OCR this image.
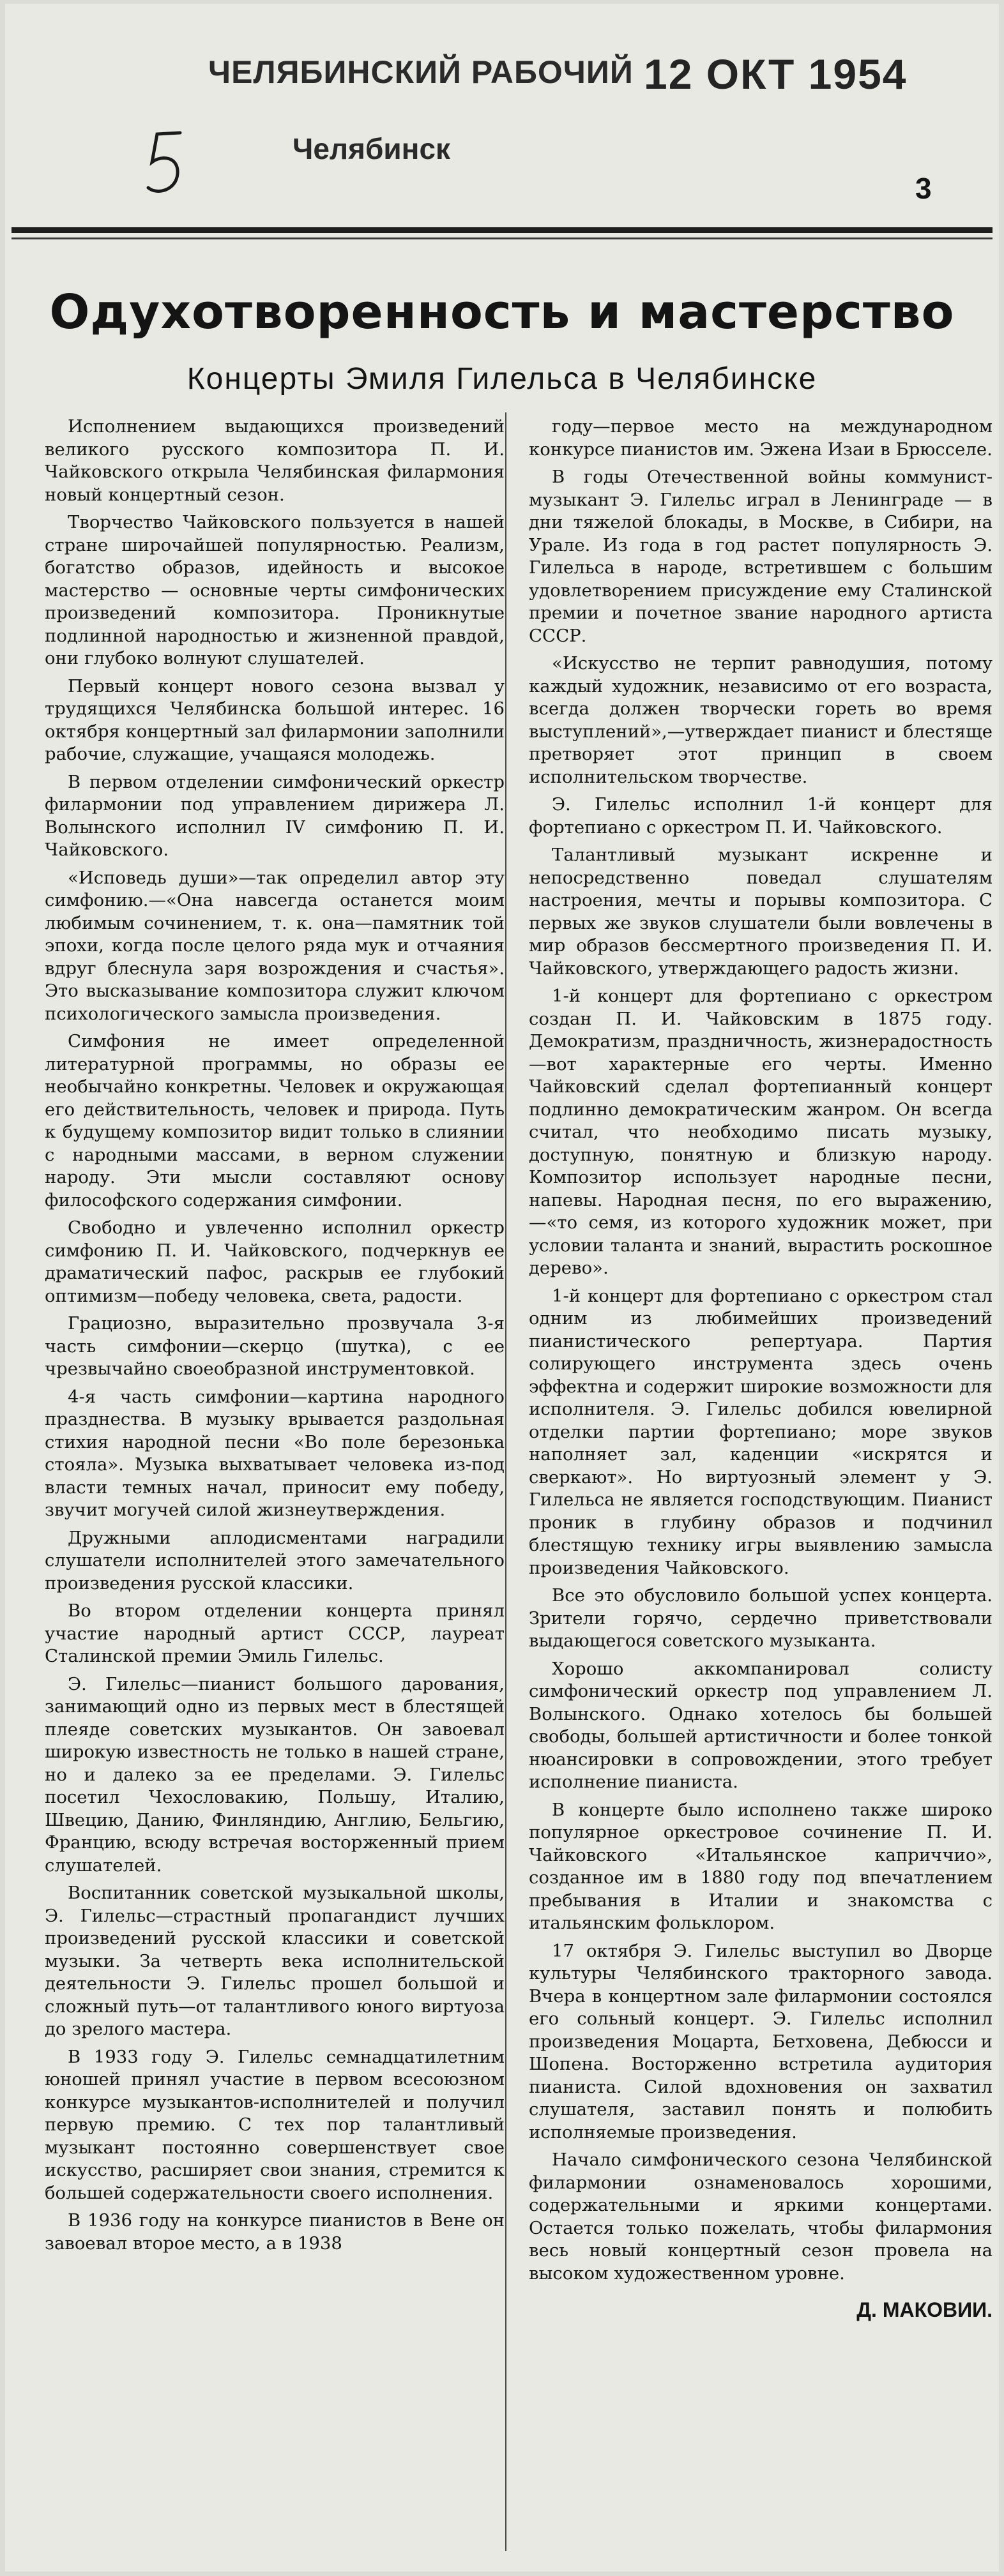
ЧЕЛЯБИНСКИЙ РАБОЧИЙ 12 ОКТ 1954
Челябинск
3
Одухотворенность и мастерство
Концерты Эмиля Гилельса в Челябинске

Исполнением выдающихся произведений великого русского композитора П. И. Чайковского открыла Челябинская филармония новый концертный сезон.

Творчество Чайковского пользуется в нашей стране широчайшей популярностью. Реализм, богатство образов, идейность и высокое мастерство — основные черты симфонических произведений композитора. Проникнутые подлинной народностью и жизненной правдой, они глубоко волнуют слушателей.

Первый концерт нового сезона вызвал у трудящихся Челябинска большой интерес. 16 октября концертный зал филармонии заполнили рабочие, служащие, учащаяся молодежь.

В первом отделении симфонический оркестр филармонии под управлением дирижера Л. Волынского исполнил IV симфонию П. И. Чайковского.

«Исповедь души»—так определил автор эту симфонию.—«Она навсегда останется моим любимым сочинением, т. к. она—памятник той эпохи, когда после целого ряда мук и отчаяния вдруг блеснула заря возрождения и счастья». Это высказывание композитора служит ключом психологического замысла произведения.

Симфония не имеет определенной литературной программы, но образы ее необычайно конкретны. Человек и окружающая его действительность, человек и природа. Путь к будущему композитор видит только в слиянии с народными массами, в верном служении народу. Эти мысли составляют основу философского содержания симфонии.

Свободно и увлеченно исполнил оркестр симфонию П. И. Чайковского, подчеркнув ее драматический пафос, раскрыв ее глубокий оптимизм—победу человека, света, радости.

Грациозно, выразительно прозвучала 3-я часть симфонии—скерцо (шутка), с ее чрезвычайно своеобразной инструментовкой.

4-я часть симфонии—картина народного празднества. В музыку врывается раздольная стихия народной песни «Во поле березонька стояла». Музыка выхватывает человека из-под власти темных начал, приносит ему победу, звучит могучей силой жизнеутверждения.

Дружными аплодисментами наградили слушатели исполнителей этого замечательного произведения русской классики.

Во втором отделении концерта принял участие народный артист СССР, лауреат Сталинской премии Эмиль Гилельс.

Э. Гилельс—пианист большого дарования, занимающий одно из первых мест в блестящей плеяде советских музыкантов. Он завоевал широкую известность не только в нашей стране, но и далеко за ее пределами. Э. Гилельс посетил Чехословакию, Польшу, Италию, Швецию, Данию, Финляндию, Англию, Бельгию, Францию, всюду встречая восторженный прием слушателей.

Воспитанник советской музыкальной школы, Э. Гилельс—страстный пропагандист лучших произведений русской классики и советской музыки. За четверть века исполнительской деятельности Э. Гилельс прошел большой и сложный путь—от талантливого юного виртуоза до зрелого мастера.

В 1933 году Э. Гилельс семнадцатилетним юношей принял участие в первом всесоюзном конкурсе музыкантов-исполнителей и получил первую премию. С тех пор талантливый музыкант постоянно совершенствует свое искусство, расширяет свои знания, стремится к большей содержательности своего исполнения.

В 1936 году на конкурсе пианистов в Вене он завоевал второе место, а в 1938

году—первое место на международном конкурсе пианистов им. Эжена Изаи в Брюсселе.

В годы Отечественной войны коммунист-музыкант Э. Гилельс играл в Ленинграде — в дни тяжелой блокады, в Москве, в Сибири, на Урале. Из года в год растет популярность Э. Гилельса в народе, встретившем с большим удовлетворением присуждение ему Сталинской премии и почетное звание народного артиста СССР.

«Искусство не терпит равнодушия, потому каждый художник, независимо от его возраста, всегда должен творчески гореть во время выступлений»,—утверждает пианист и блестяще претворяет этот принцип в своем исполнительском творчестве.

Э. Гилельс исполнил 1-й концерт для фортепиано с оркестром П. И. Чайковского.

Талантливый музыкант искренне и непосредственно поведал слушателям настроения, мечты и порывы композитора. С первых же звуков слушатели были вовлечены в мир образов бессмертного произведения П. И. Чайковского, утверждающего радость жизни.

1-й концерт для фортепиано с оркестром создан П. И. Чайковским в 1875 году. Демократизм, праздничность, жизнерадостность—вот характерные его черты. Именно Чайковский сделал фортепианный концерт подлинно демократическим жанром. Он всегда считал, что необходимо писать музыку, доступную, понятную и близкую народу. Композитор использует народные песни, напевы. Народная песня, по его выражению,—«то семя, из которого художник может, при условии таланта и знаний, вырастить роскошное дерево».

1-й концерт для фортепиано с оркестром стал одним из любимейших произведений пианистического репертуара. Партия солирующего инструмента здесь очень эффектна и содержит широкие возможности для исполнителя. Э. Гилельс добился ювелирной отделки партии фортепиано; море звуков наполняет зал, каденции «искрятся и сверкают». Но виртуозный элемент у Э. Гилельса не является господствующим. Пианист проник в глубину образов и подчинил блестящую технику игры выявлению замысла произведения Чайковского.

Все это обусловило большой успех концерта. Зрители горячо, сердечно приветствовали выдающегося советского музыканта.

Хорошо аккомпанировал солисту симфонический оркестр под управлением Л. Волынского. Однако хотелось бы большей свободы, большей артистичности и более тонкой нюансировки в сопровождении, этого требует исполнение пианиста.

В концерте было исполнено также широко популярное оркестровое сочинение П. И. Чайковского «Итальянское каприччио», созданное им в 1880 году под впечатлением пребывания в Италии и знакомства с итальянским фольклором.

17 октября Э. Гилельс выступил во Дворце культуры Челябинского тракторного завода. Вчера в концертном зале филармонии состоялся его сольный концерт. Э. Гилельс исполнил произведения Моцарта, Бетховена, Дебюсси и Шопена. Восторженно встретила аудитория пианиста. Силой вдохновения он захватил слушателя, заставил понять и полюбить исполняемые произведения.

Начало симфонического сезона Челябинской филармонии ознаменовалось хорошими, содержательными и яркими концертами. Остается только пожелать, чтобы филармония весь новый концертный сезон провела на высоком художественном уровне.

Д. МАКОВИИ.
